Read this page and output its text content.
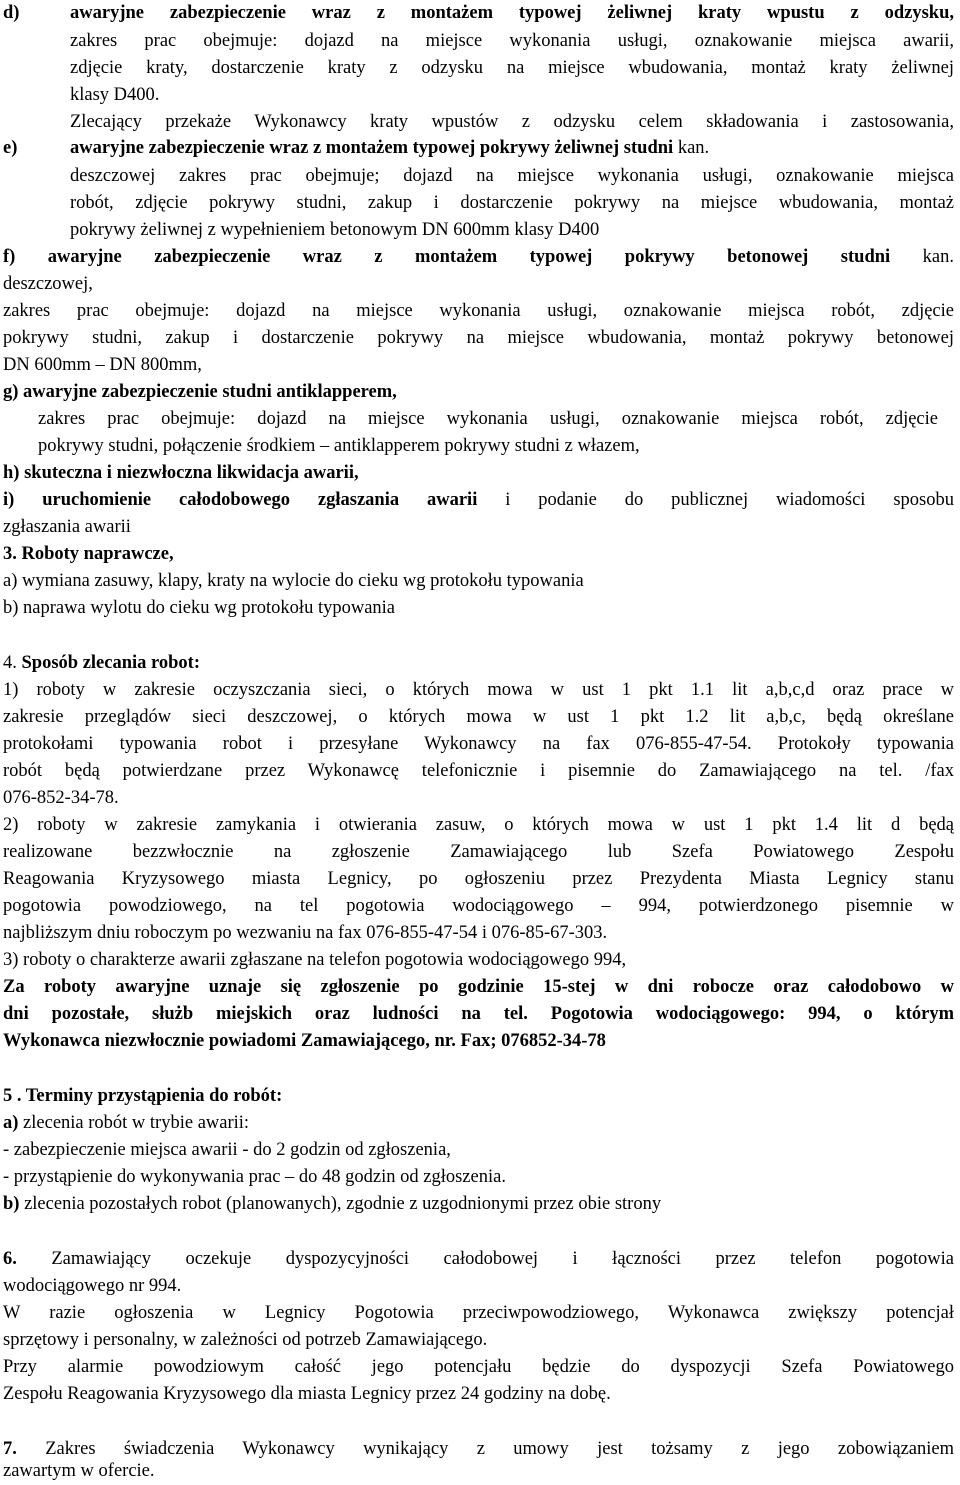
d)	awaryjne zabezpieczenie wraz z montażem typowej żeliwnej kraty wpustu z odzysku,
zakres prac obejmuje: dojazd na miejsce wykonania usługi, oznakowanie miejsca awarii,
zdjęcie kraty, dostarczenie kraty z odzysku na miejsce wbudowania, montaż kraty żeliwnej
klasy D400.
Zlecający przekaże Wykonawcy kraty wpustów z odzysku celem składowania i zastosowania,
e)	awaryjne zabezpieczenie wraz z montażem typowej pokrywy żeliwnej studni kan.
deszczowej zakres prac obejmuje; dojazd na miejsce wykonania usługi, oznakowanie miejsca
robót, zdjęcie pokrywy studni, zakup i dostarczenie pokrywy na miejsce wbudowania, montaż
pokrywy żeliwnej z wypełnieniem betonowym DN 600mm klasy D400
f) awaryjne zabezpieczenie wraz z montażem typowej pokrywy betonowej studni kan.
deszczowej,
zakres prac obejmuje: dojazd na miejsce wykonania usługi, oznakowanie miejsca robót, zdjęcie
pokrywy studni, zakup i dostarczenie pokrywy na miejsce wbudowania, montaż pokrywy betonowej
DN 600mm – DN 800mm,
g) awaryjne zabezpieczenie studni antiklapperem,
zakres prac obejmuje: dojazd na miejsce wykonania usługi, oznakowanie miejsca robót, zdjęcie
pokrywy studni, połączenie środkiem – antiklapperem pokrywy studni z włazem,
h) skuteczna i niezwłoczna likwidacja awarii,
i) uruchomienie całodobowego zgłaszania awarii i podanie do publicznej wiadomości sposobu
zgłaszania awarii
3. Roboty naprawcze,
a) wymiana zasuwy, klapy, kraty na wylocie do cieku wg protokołu typowania
b) naprawa wylotu do cieku wg protokołu typowania
4. Sposób zlecania robot:
1) roboty w zakresie oczyszczania sieci, o których mowa w ust 1 pkt 1.1 lit a,b,c,d oraz prace w
zakresie przeglądów sieci deszczowej, o których mowa w ust 1 pkt 1.2 lit a,b,c, będą określane
protokołami typowania robot i przesyłane Wykonawcy na fax 076-855-47-54. Protokoły typowania
robót będą potwierdzane przez Wykonawcę telefonicznie i pisemnie do Zamawiającego na tel. /fax
076-852-34-78.
2) roboty w zakresie zamykania i otwierania zasuw, o których mowa w ust 1 pkt 1.4 lit d będą
realizowane bezzwłocznie na zgłoszenie Zamawiającego lub Szefa Powiatowego Zespołu
Reagowania Kryzysowego miasta Legnicy, po ogłoszeniu przez Prezydenta Miasta Legnicy stanu
pogotowia powodziowego, na tel pogotowia wodociągowego – 994, potwierdzonego pisemnie w
najbliższym dniu roboczym po wezwaniu na fax 076-855-47-54 i 076-85-67-303.
3) roboty o charakterze awarii zgłaszane na telefon pogotowia wodociągowego 994,
Za roboty awaryjne uznaje się zgłoszenie po godzinie 15-stej w dni robocze oraz całodobowo w
dni pozostałe, służb miejskich oraz ludności na tel. Pogotowia wodociągowego: 994, o którym
Wykonawca niezwłocznie powiadomi Zamawiającego, nr. Fax; 076852-34-78
5 . Terminy przystąpienia do robót:
a) zlecenia robót w trybie awarii:
- zabezpieczenie miejsca awarii - do 2 godzin od zgłoszenia,
- przystąpienie do wykonywania prac – do 48 godzin od zgłoszenia.
b) zlecenia pozostałych robot (planowanych), zgodnie z uzgodnionymi przez obie strony
6. Zamawiający oczekuje dyspozycyjności całodobowej i łączności przez telefon pogotowia
wodociągowego nr 994.
W razie ogłoszenia w Legnicy Pogotowia przeciwpowodziowego, Wykonawca zwiększy potencjał
sprzętowy i personalny, w zależności od potrzeb Zamawiającego.
Przy alarmie powodziowym całość jego potencjału będzie do dyspozycji Szefa Powiatowego
Zespołu Reagowania Kryzysowego dla miasta Legnicy przez 24 godziny na dobę.
7. Zakres świadczenia Wykonawcy wynikający z umowy jest tożsamy z jego zobowiązaniem
zawartym w ofercie.
